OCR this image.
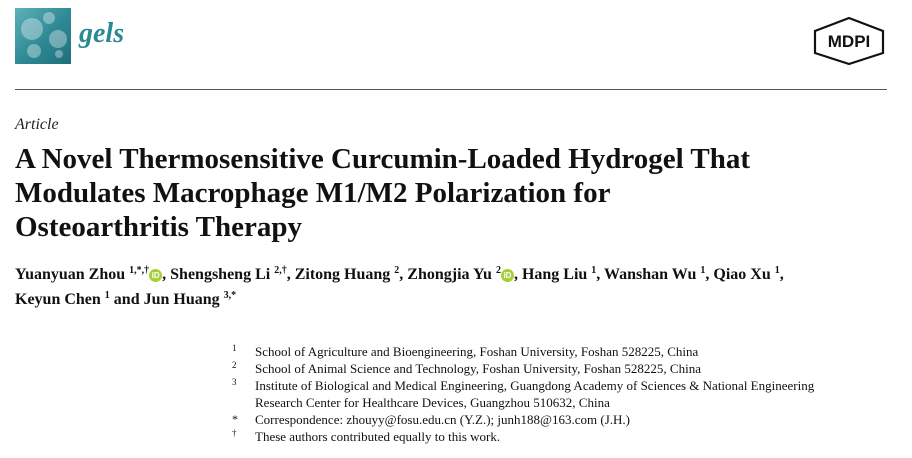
gels	MDPI
Article
A Novel Thermosensitive Curcumin-Loaded Hydrogel That
Modulates Macrophage M1/M2 Polarization for
Osteoarthritis Therapy
Yuanyuan Zhou $^{1,*,\dagger}$ iD , Shengsheng Li $^{2,\dagger}$, Zitong Huang $^2$, Zhongjia Yu $^2$ iD , Hang Liu $^1$, Wanshan Wu $^1$, Qiao Xu $^1$,
Keyun Chen $^1$ and Jun Huang $^{3,*}$
1 School of Agriculture and Bioengineering, Foshan University, Foshan 528225, China
2 School of Animal Science and Technology, Foshan University, Foshan 528225, China
3 Institute of Biological and Medical Engineering, Guangdong Academy of Sciences & National Engineering
Research Center for Healthcare Devices, Guangzhou 510632, China
* Correspondence: zhouyy@fosu.edu.cn (Y.Z.); junh188@163.com (J.H.)
† These authors contributed equally to this work.
